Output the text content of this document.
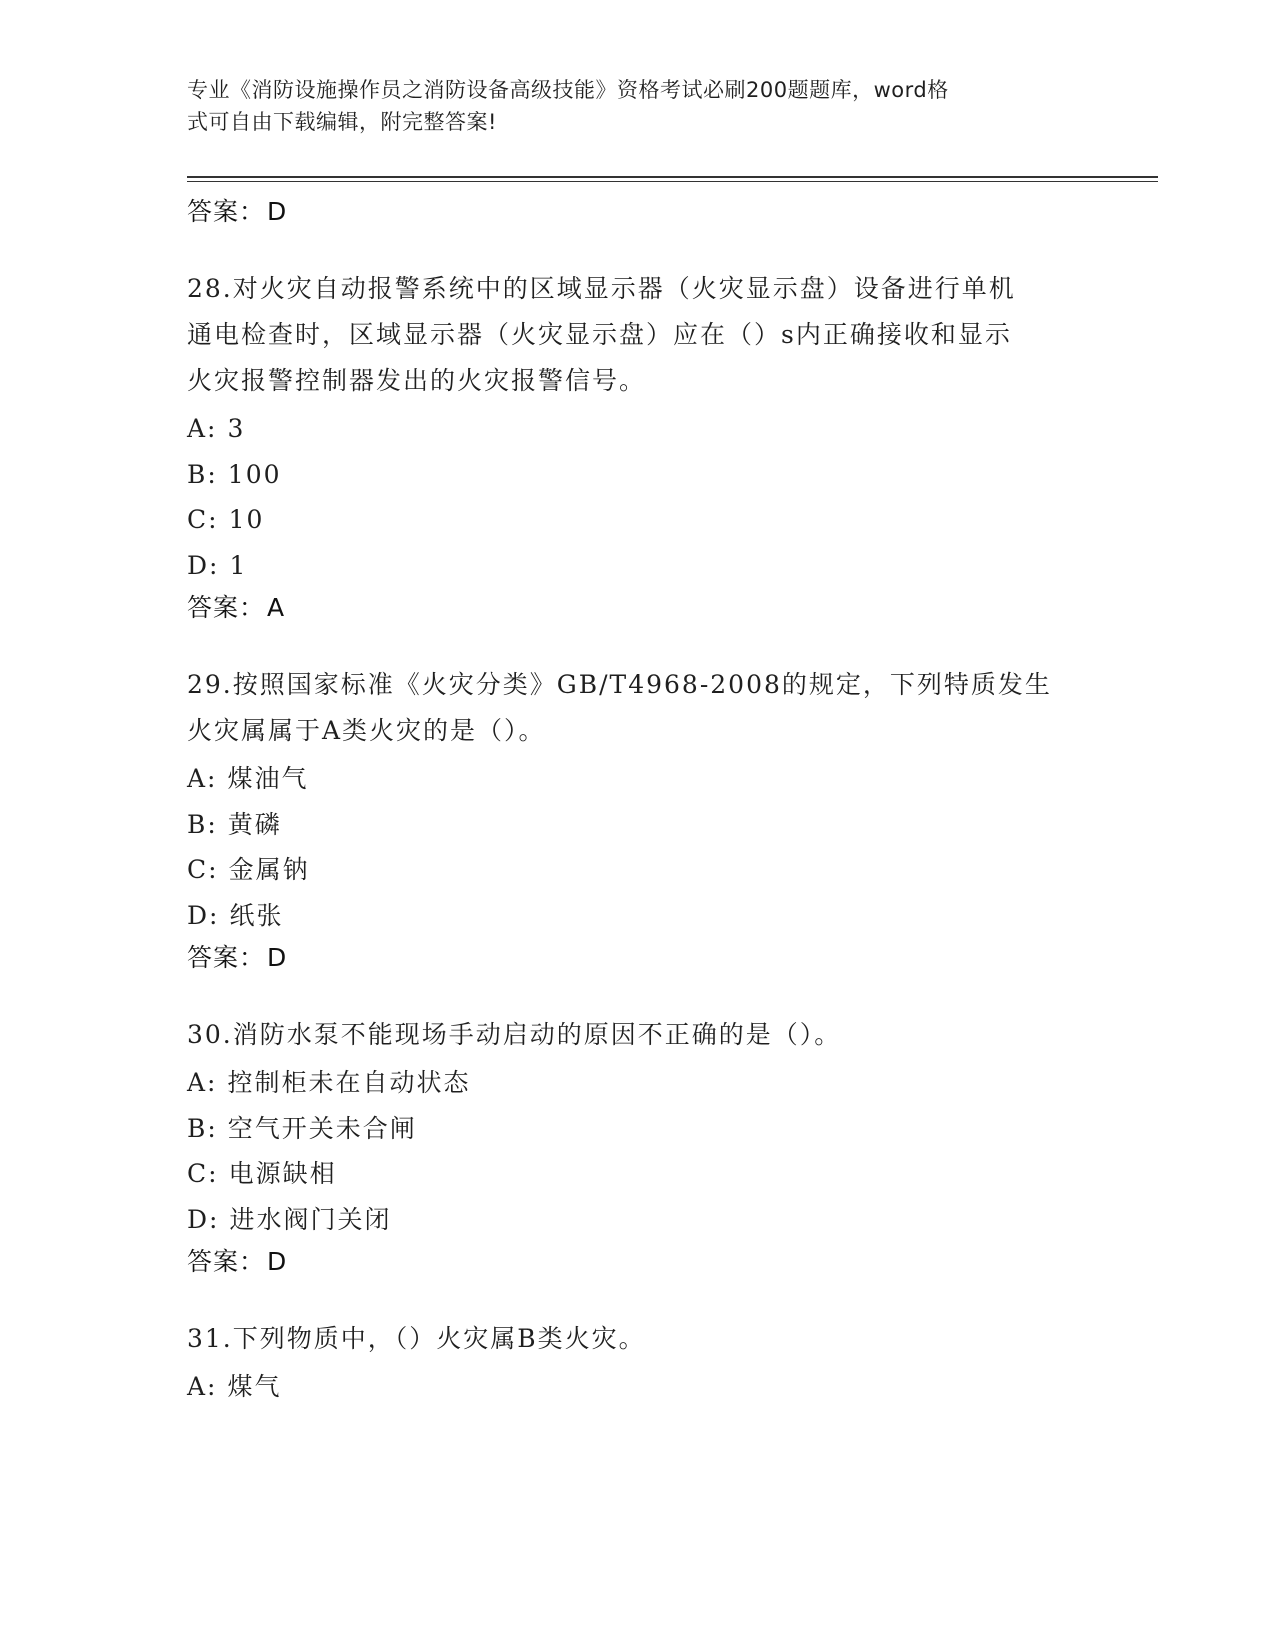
专业《消防设施操作员之消防设备高级技能》资格考试必刷200题题库，word格
式可自由下载编辑，附完整答案!
答案：D
28.对火灾自动报警系统中的区域显示器（火灾显示盘）设备进行单机
通电检查时，区域显示器（火灾显示盘）应在（）s内正确接收和显示
火灾报警控制器发出的火灾报警信号。
A: 3
B: 100
C: 10
D: 1
答案：A
29.按照国家标准《火灾分类》GB/T4968-2008的规定，下列特质发生
火灾属属于A类火灾的是（）。
A: 煤油气
B: 黄磷
C: 金属钠
D: 纸张
答案：D
30.消防水泵不能现场手动启动的原因不正确的是（）。
A: 控制柜未在自动状态
B: 空气开关未合闸
C: 电源缺相
D: 进水阀门关闭
答案：D
31.下列物质中，（）火灾属B类火灾。
A: 煤气
